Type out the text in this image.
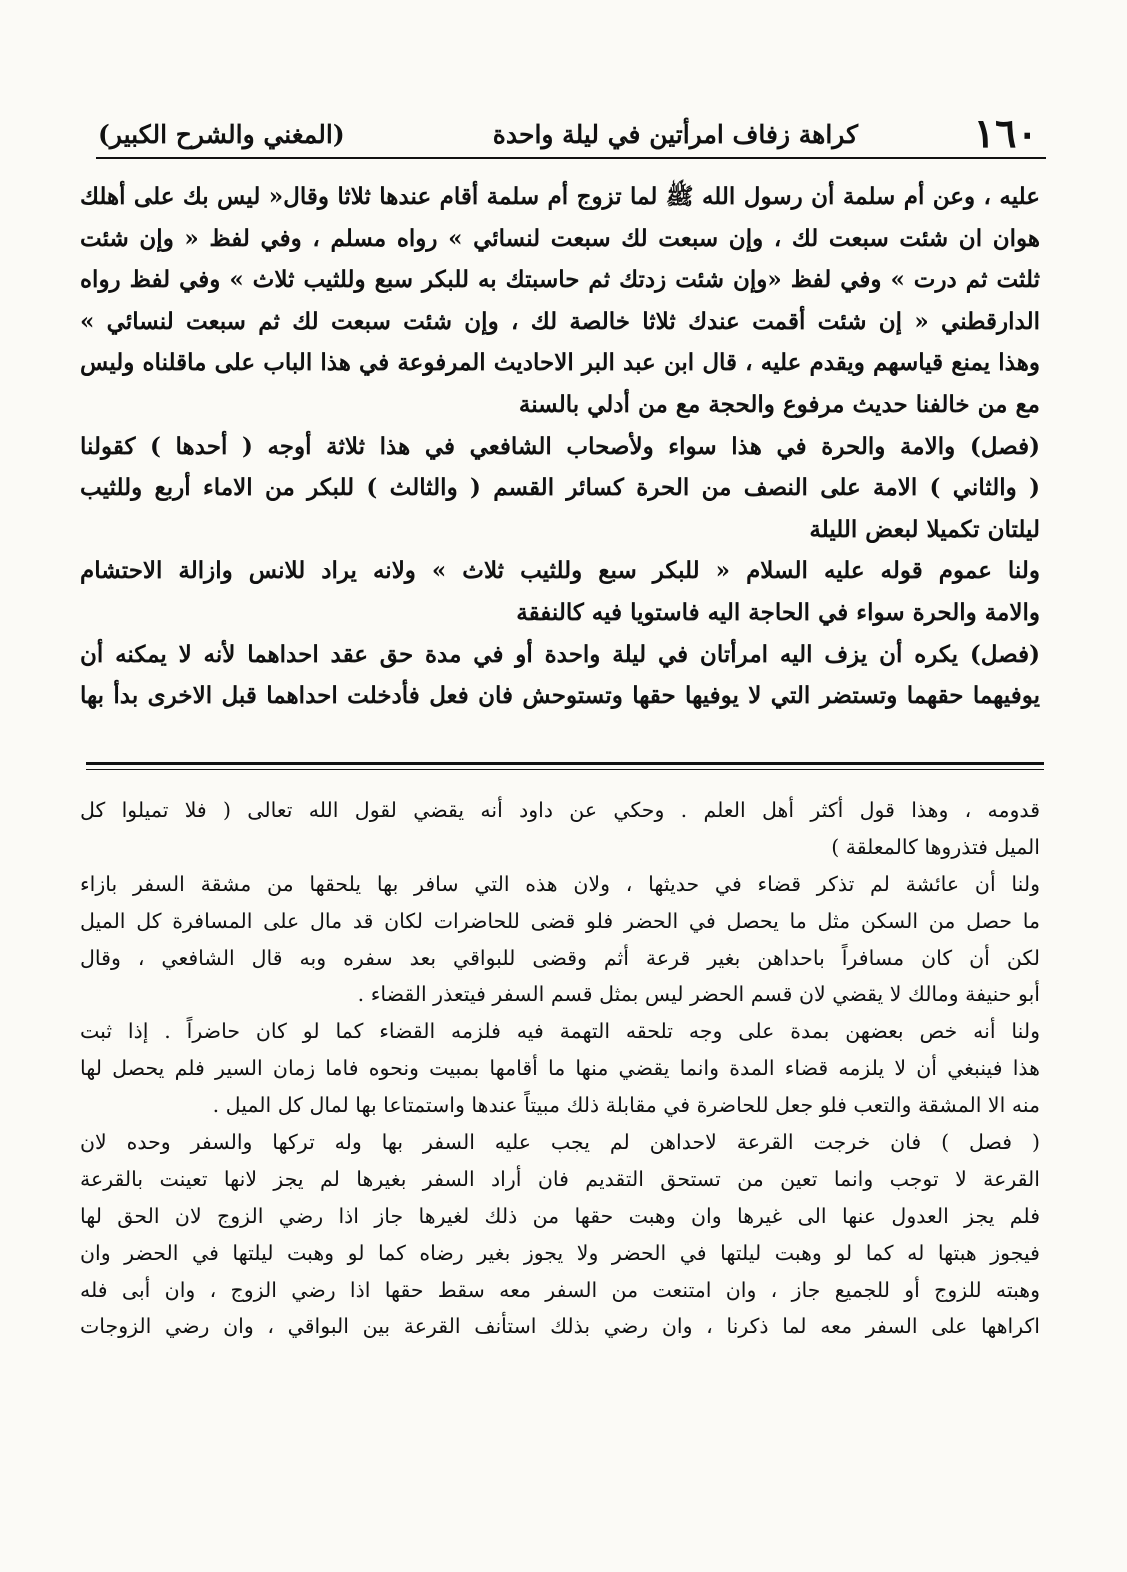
١٦٠
كراهة زفاف امرأتين في ليلة واحدة
(المغني والشرح الكبير)
عليه ، وعن أم سلمة أن رسول الله ﷺ لما تزوج أم سلمة أقام عندها ثلاثا وقال« ليس بك على أهلك
هوان ان شئت سبعت لك ، وإن سبعت لك سبعت لنسائي » رواه مسلم ، وفي لفظ « وإن شئت
ثلثت ثم درت » وفي لفظ «وإن شئت زدتك ثم حاسبتك به للبكر سبع وللثيب ثلاث » وفي لفظ رواه
الدارقطني « إن شئت أقمت عندك ثلاثا خالصة لك ، وإن شئت سبعت لك ثم سبعت لنسائي »
وهذا يمنع قياسهم ويقدم عليه ، قال ابن عبد البر الاحاديث المرفوعة في هذا الباب على ماقلناه وليس
مع من خالفنا حديث مرفوع والحجة مع من أدلي بالسنة
(فصل) والامة والحرة في هذا سواء ولأصحاب الشافعي في هذا ثلاثة أوجه ( أحدها ) كقولنا
( والثاني ) الامة على النصف من الحرة كسائر القسم ( والثالث ) للبكر من الاماء أربع وللثيب
ليلتان تكميلا لبعض الليلة
ولنا عموم قوله عليه السلام « للبكر سبع وللثيب ثلاث » ولانه يراد للانس وازالة الاحتشام
والامة والحرة سواء في الحاجة اليه فاستويا فيه كالنفقة
(فصل) يكره أن يزف اليه امرأتان في ليلة واحدة أو في مدة حق عقد احداهما لأنه لا يمكنه أن
يوفيهما حقهما وتستضر التي لا يوفيها حقها وتستوحش فان فعل فأدخلت احداهما قبل الاخرى بدأ بها
قدومه ، وهذا قول أكثر أهل العلم . وحكي عن داود أنه يقضي لقول الله تعالى ( فلا تميلوا كل
الميل فتذروها كالمعلقة )
ولنا أن عائشة لم تذكر قضاء في حديثها ، ولان هذه التي سافر بها يلحقها من مشقة السفر بازاء
ما حصل من السكن مثل ما يحصل في الحضر فلو قضى للحاضرات لكان قد مال على المسافرة كل الميل
لكن أن كان مسافراً باحداهن بغير قرعة أثم وقضى للبواقي بعد سفره وبه قال الشافعي ، وقال
أبو حنيفة ومالك لا يقضي لان قسم الحضر ليس بمثل قسم السفر فيتعذر القضاء .
ولنا أنه خص بعضهن بمدة على وجه تلحقه التهمة فيه فلزمه القضاء كما لو كان حاضراً . إذا ثبت
هذا فينبغي أن لا يلزمه قضاء المدة وانما يقضي منها ما أقامها بمبيت ونحوه فاما زمان السير فلم يحصل لها
منه الا المشقة والتعب فلو جعل للحاضرة في مقابلة ذلك مبيتاً عندها واستمتاعا بها لمال كل الميل .
( فصل ) فان خرجت القرعة لاحداهن لم يجب عليه السفر بها وله تركها والسفر وحده لان
القرعة لا توجب وانما تعين من تستحق التقديم فان أراد السفر بغيرها لم يجز لانها تعينت بالقرعة
فلم يجز العدول عنها الى غيرها وان وهبت حقها من ذلك لغيرها جاز اذا رضي الزوج لان الحق لها
فيجوز هبتها له كما لو وهبت ليلتها في الحضر ولا يجوز بغير رضاه كما لو وهبت ليلتها في الحضر وان
وهبته للزوج أو للجميع جاز ، وان امتنعت من السفر معه سقط حقها اذا رضي الزوج ، وان أبى فله
اكراهها على السفر معه لما ذكرنا ، وان رضي بذلك استأنف القرعة بين البواقي ، وان رضي الزوجات
